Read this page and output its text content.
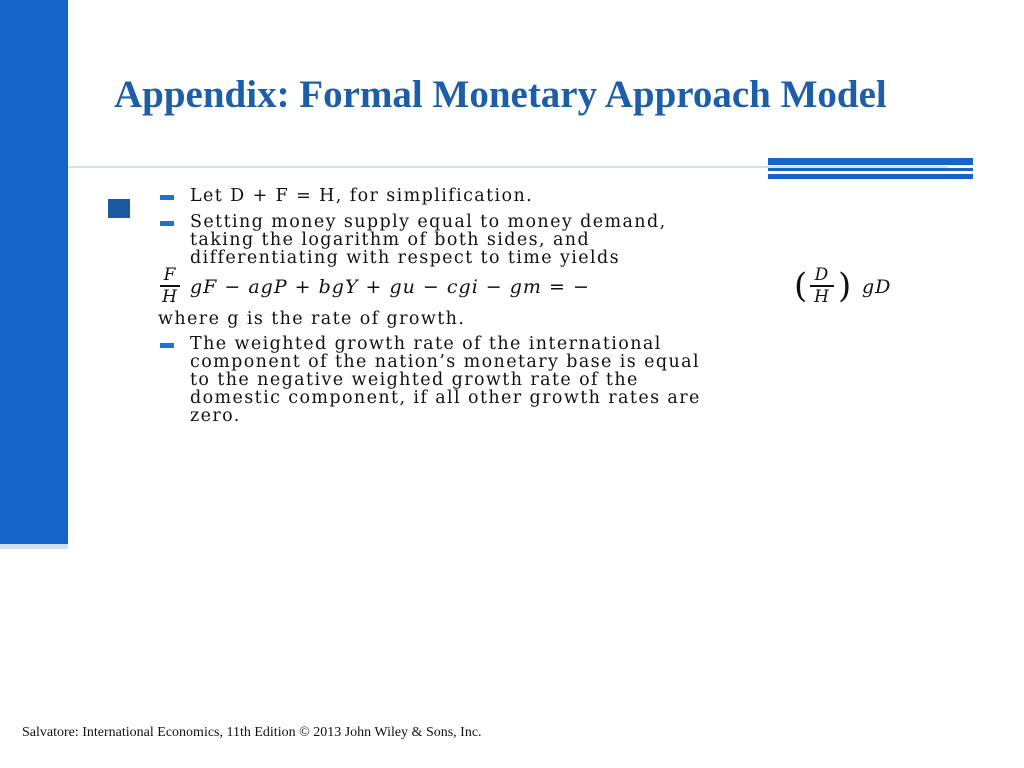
Appendix: Formal Monetary Approach Model

Let D + F = H, for simplification.

Setting money supply equal to money demand,

taking the logarithm of both sides, and

differentiating with respect to time yields

where g is the rate of growth.

The weighted growth rate of the international

component of the nation’s monetary base is equal

to the negative weighted growth rate of the

domestic component, if all other growth rates are

zero.

F
H gF − agP + bgY + gu − cgi − gm = −	( D
H ) gD

Salvatore: International Economics, 11th Edition © 2013 John Wiley & Sons, Inc.
